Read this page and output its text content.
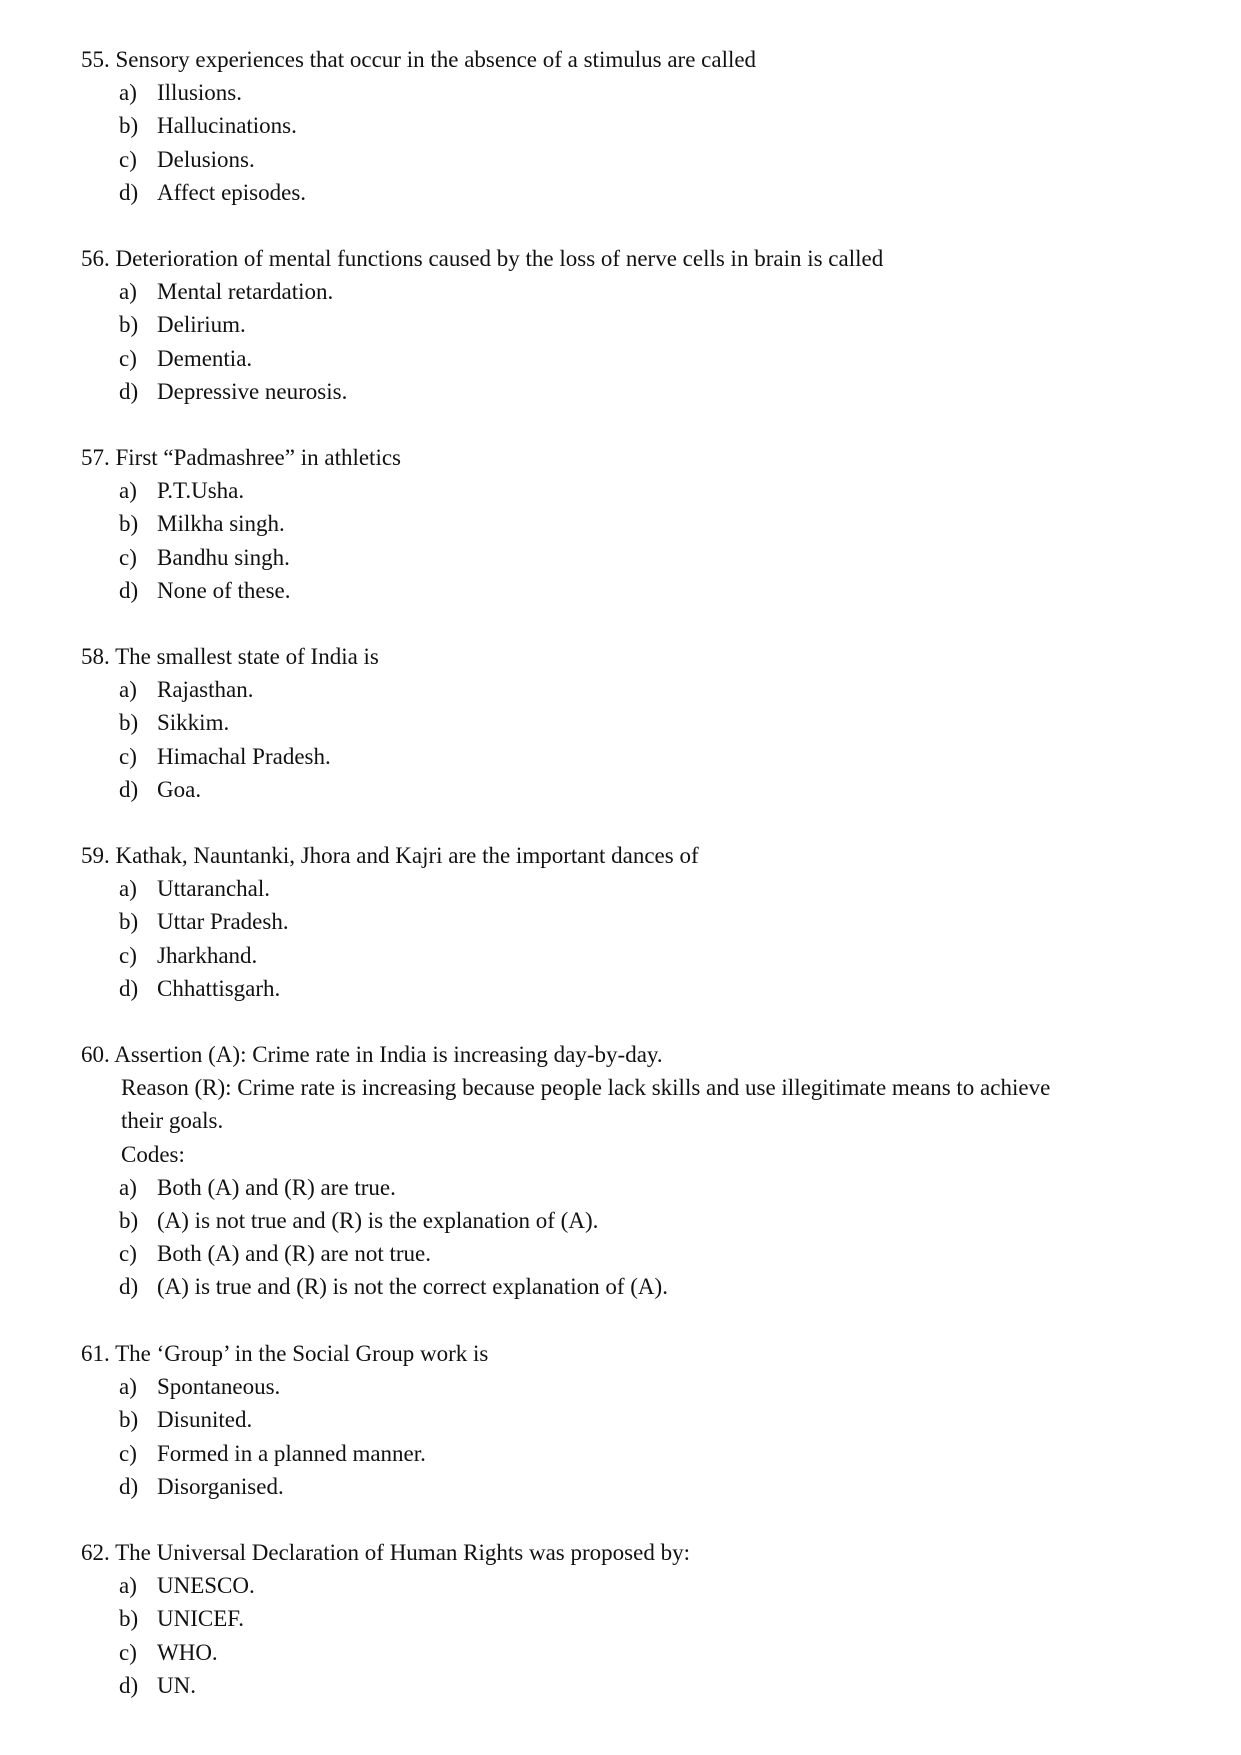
55. Sensory experiences that occur in the absence of a stimulus are called
a) Illusions.
b) Hallucinations.
c) Delusions.
d) Affect episodes.
56. Deterioration of mental functions caused by the loss of nerve cells in brain is called
a) Mental retardation.
b) Delirium.
c) Dementia.
d) Depressive neurosis.
57. First “Padmashree” in athletics
a) P.T.Usha.
b) Milkha singh.
c) Bandhu singh.
d) None of these.
58. The smallest state of India is
a) Rajasthan.
b) Sikkim.
c) Himachal Pradesh.
d) Goa.
59. Kathak, Nauntanki, Jhora and Kajri are the important dances of
a) Uttaranchal.
b) Uttar Pradesh.
c) Jharkhand.
d) Chhattisgarh.
60. Assertion (A): Crime rate in India is increasing day-by-day.
Reason (R): Crime rate is increasing because people lack skills and use illegitimate means to achieve
their goals.
Codes:
a) Both (A) and (R) are true.
b) (A) is not true and (R) is the explanation of (A).
c) Both (A) and (R) are not true.
d) (A) is true and (R) is not the correct explanation of (A).
61. The ‘Group’ in the Social Group work is
a) Spontaneous.
b) Disunited.
c) Formed in a planned manner.
d) Disorganised.
62. The Universal Declaration of Human Rights was proposed by:
a) UNESCO.
b) UNICEF.
c) WHO.
d) UN.
